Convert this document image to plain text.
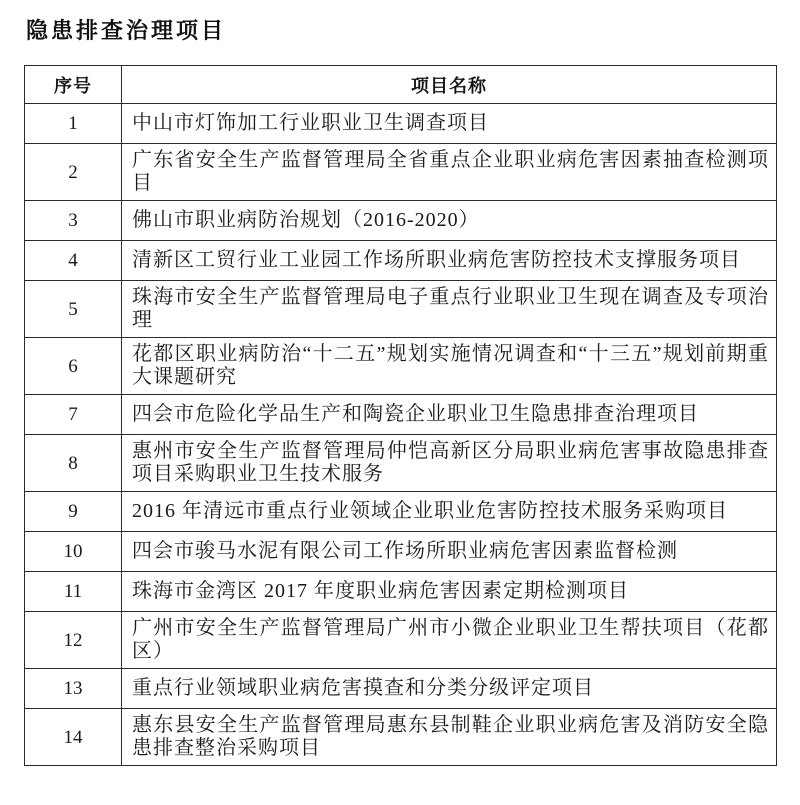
隐患排查治理项目
序号	项目名称
1	中山市灯饰加工行业职业卫生调查项目
2	广东省安全生产监督管理局全省重点企业职业病危害因素抽查检测项目
3	佛山市职业病防治规划（2016-2020）
4	清新区工贸行业工业园工作场所职业病危害防控技术支撑服务项目
5	珠海市安全生产监督管理局电子重点行业职业卫生现在调查及专项治理
6	花都区职业病防治“十二五”规划实施情况调查和“十三五”规划前期重大课题研究
7	四会市危险化学品生产和陶瓷企业职业卫生隐患排查治理项目
8	惠州市安全生产监督管理局仲恺高新区分局职业病危害事故隐患排查项目采购职业卫生技术服务
9	2016 年清远市重点行业领域企业职业危害防控技术服务采购项目
10	四会市骏马水泥有限公司工作场所职业病危害因素监督检测
11	珠海市金湾区 2017 年度职业病危害因素定期检测项目
12	广州市安全生产监督管理局广州市小微企业职业卫生帮扶项目（花都区）
13	重点行业领域职业病危害摸查和分类分级评定项目
14	惠东县安全生产监督管理局惠东县制鞋企业职业病危害及消防安全隐患排查整治采购项目
